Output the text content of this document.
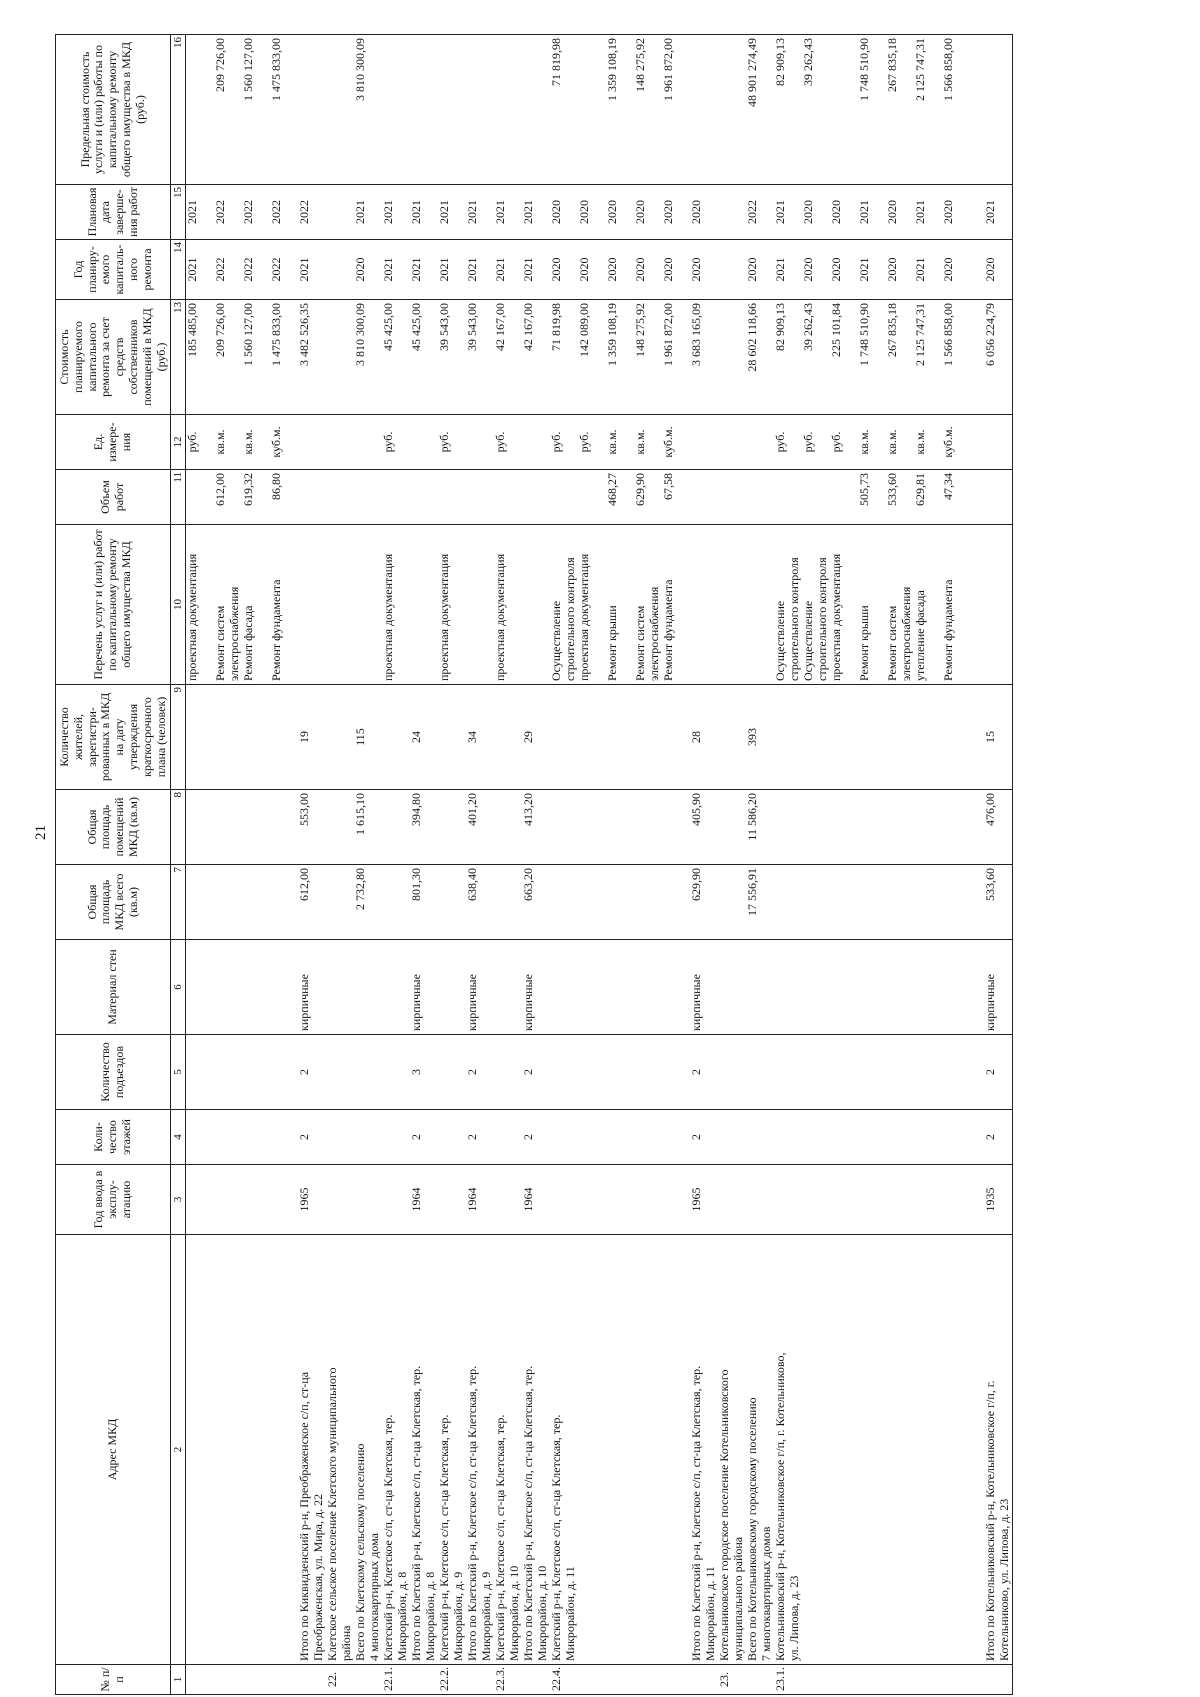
21
№ п/п	Адрес МКД	Год ввода в эксплу-атацию	Коли-чество этажей	Количество подъездов	Материал стен	Общая площадь МКД всего (кв.м)	Общая площадь помещений МКД (кв.м)	Количество жителей, зарегистри-рованных в МКД на дату утверждения краткосрочного плана (человек)	Перечень услуг и (или) работ по капитальному ремонту общего имущества МКД	Объем работ	Ед. измере-ния	Стоимость планируемого капитального ремонта за счет средств собственников помещений в МКД (руб.)	Год планиру-емого капиталь-ного ремонта	Плановая дата заверше-ния работ	Предельная стоимость услуги и (или) работы по капитальному ремонту общего имущества в МКД (руб.)
1	2	3	4	5	6	7	8	9	10	11	12	13	14	15	16
									проектная документация		руб.	185 485,00	2021	2021	

									Ремонт систем	612,00	кв.м.	209 726,00	2022	2022	209 726,00
									электроснабжения						
									Ремонт фасада	619,32	кв.м.	1 560 127,00	2022	2022	1 560 127,00

									Ремонт фундамента	86,80	куб.м.	1 475 833,00	2022	2022	1 475 833,00

	Итого по Киквидзенский р-н, Преображенское с/п, ст-ца	1965	2	2	кирпичные	612,00	553,00	19				3 482 526,35	2021	2022	
	Преображенская, ул. Мира, д. 22														
22.	Клетское сельское поселение Клетского муниципального														
	района														
	Всего по Клетскому сельскому поселению					2 732,80	1 615,10	115				3 810 300,09	2020	2021	3 810 300,09
	4 многоквартирных дома														
22.1.	Клетский р-н, Клетское с/п, ст-ца Клетская, тер.								проектная документация		руб.	45 425,00	2021	2021	
	Микрорайон, д. 8														
	Итого по Клетский р-н, Клетское с/п, ст-ца Клетская, тер.	1964	2	3	кирпичные	801,30	394,80	24				45 425,00	2021	2021	
	Микрорайон, д. 8														
22.2.	Клетский р-н, Клетское с/п, ст-ца Клетская, тер.								проектная документация		руб.	39 543,00	2021	2021	
	Микрорайон, д. 9														
	Итого по Клетский р-н, Клетское с/п, ст-ца Клетская, тер.	1964	2	2	кирпичные	638,40	401,20	34				39 543,00	2021	2021	
	Микрорайон, д. 9														
22.3.	Клетский р-н, Клетское с/п, ст-ца Клетская, тер.								проектная документация		руб.	42 167,00	2021	2021	
	Микрорайон, д. 10														
	Итого по Клетский р-н, Клетское с/п, ст-ца Клетская, тер.	1964	2	2	кирпичные	663,20	413,20	29				42 167,00	2021	2021	
	Микрорайон, д. 10														
22.4.	Клетский р-н, Клетское с/п, ст-ца Клетская, тер.								Осуществление		руб.	71 819,98	2020	2020	71 819,98
	Микрорайон, д. 11								строительного контроля						
									проектная документация		руб.	142 089,00	2020	2020	

									Ремонт крыши	468,27	кв.м.	1 359 108,19	2020	2020	1 359 108,19

									Ремонт систем	629,90	кв.м.	148 275,92	2020	2020	148 275,92
									электроснабжения						
									Ремонт фундамента	67,58	куб.м.	1 961 872,00	2020	2020	1 961 872,00

	Итого по Клетский р-н, Клетское с/п, ст-ца Клетская, тер.	1965	2	2	кирпичные	629,90	405,90	28				3 683 165,09	2020	2020	
	Микрорайон, д. 11														
23.	Котельниковское городское поселение Котельниковского														
	муниципального района														
	Всего по Котельниковскому городскому поселению					17 556,91	11 586,20	393				28 602 118,66	2020	2022	48 901 274,49
	7 многоквартирных домов														
23.1.	Котельниковский р-н, Котельниковское г/п, г. Котельниково,								Осуществление		руб.	82 909,13	2021	2021	82 909,13
	ул. Липова, д. 23								строительного контроля						
									Осуществление		руб.	39 262,43	2020	2020	39 262,43
									строительного контроля						
									проектная документация		руб.	225 101,84	2020	2020	

									Ремонт крыши	505,73	кв.м.	1 748 510,90	2021	2021	1 748 510,90

									Ремонт систем	533,60	кв.м.	267 835,18	2020	2020	267 835,18
									электроснабжения						
									утепление фасада	629,81	кв.м.	2 125 747,31	2021	2021	2 125 747,31

									Ремонт фундамента	47,34	куб.м.	1 566 858,00	2020	2020	1 566 858,00

	Итого по Котельниковский р-н, Котельниковское г/п, г.	1935	2	2	кирпичные	533,60	476,00	15				6 056 224,79	2020	2021	
	Котельниково, ул. Липова, д. 23														
